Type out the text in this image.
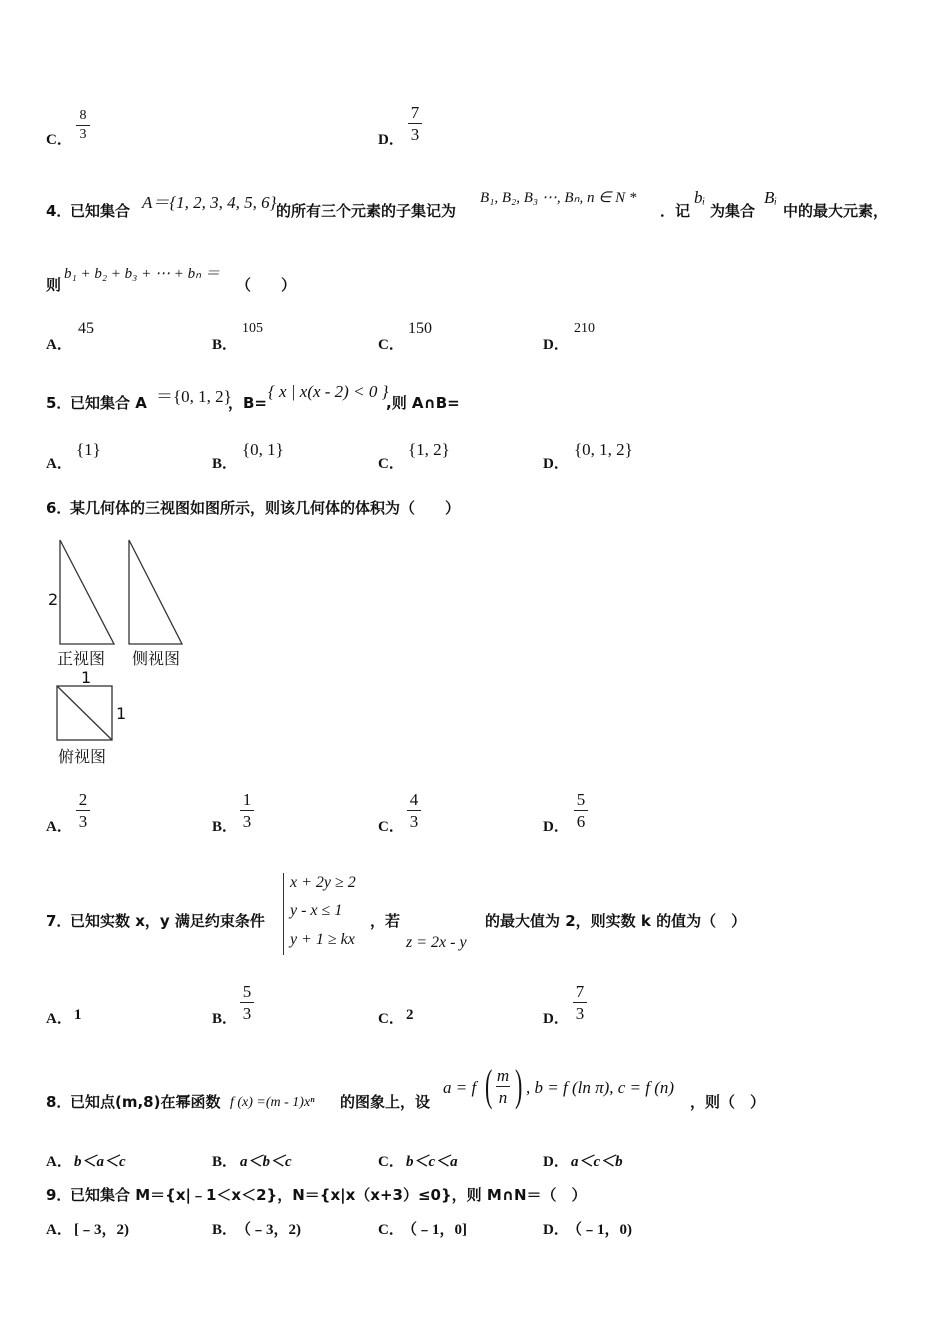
C．
8
3	D．
7
3
4．
已知集合 A＝{1, 2, 3, 4, 5, 6} 的所有三个元素的子集记为
B₁, B₂, B₃ ⋯, Bₙ, n ∈ N *
．记
bᵢ
为集合
Bᵢ
中的最大元素，
则
b₁ + b₂ + b₃ + ⋯ + bₙ ＝
（　　）
A．
45
B．
105
C．
150
D．
210
5．
已知集合 A ＝{0, 1, 2}
，B=
{ x | x(x - 2) < 0 }
,则 A∩B=
A．
{1}
B．
{0, 1}
C．
{1, 2}
D．
{0, 1, 2}
6．
某几何体的三视图如图所示，则该几何体的体积为（　　）
2
正视图 侧视图
1
1
俯视图
A．
2
3	B．
1
3	C．
4
3	D．
5
6
7．
已知实数 x，y 满足约束条件
x + 2y ≥ 2
y - x ≤ 1
y + 1 ≥ kx
，若
z = 2x - y
的最大值为 2，则实数 k 的值为（　）
A． 1	B．
5
3	C． 2	D．
7
3
8．
已知点(m,8)在幂函数 f (x) =(m - 1)xⁿ 的图象上，设
a = f ( m
n ) , b = f (ln π), c = f (n)
，则（　）
A． b＜a＜c	B． a＜b＜c	C． b＜c＜a	D． a＜c＜b
9．
已知集合 M＝{x|﹣1＜x＜2}，N＝{x|x（x+3）≤0}，则 M∩N＝（　）
A． [﹣3，2)	B．
（﹣3，2)	C．
（﹣1，0]	D．
（﹣1，0)
